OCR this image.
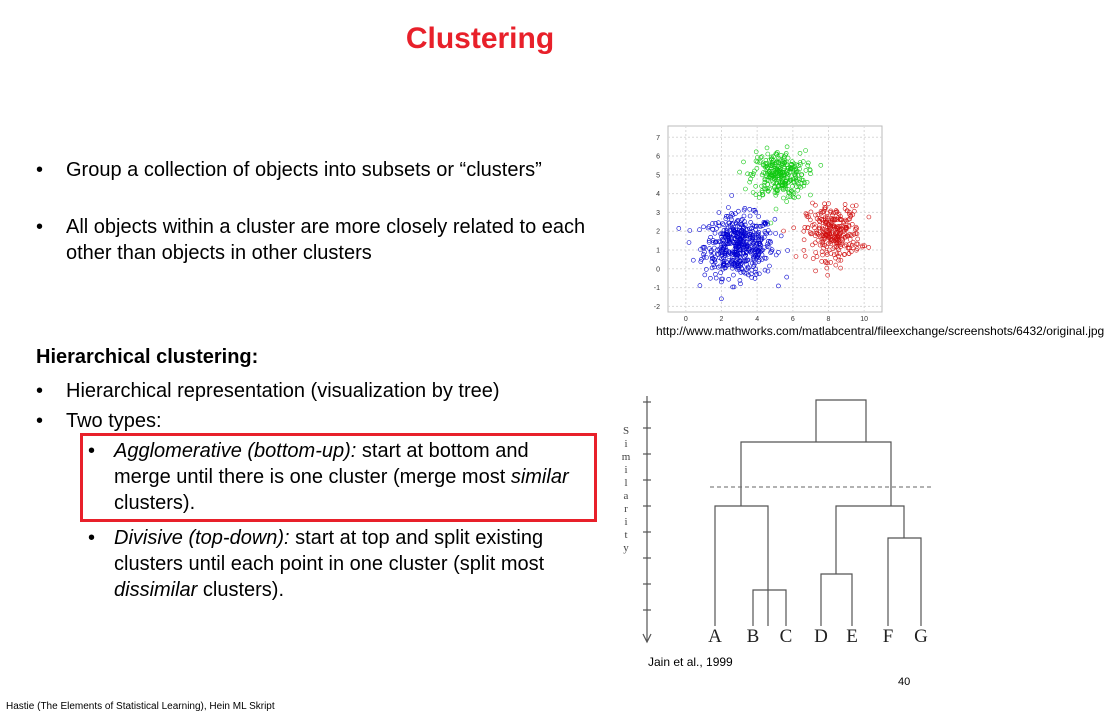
Clustering
• Group a collection of objects into subsets or “clusters”
• All objects within a cluster are more closely related to each other than objects in other clusters
Hierarchical clustering:
• Hierarchical representation (visualization by tree)
• Two types:
• Agglomerative (bottom-up): start at bottom and merge until there is one cluster (merge most similar clusters).
• Divisive (top-down): start at top and split existing clusters until each point in one cluster (split most dissimilar clusters).
0	2	4	6	8	10
7
6
5
4
3
2
1
0
-1
-2
http://www.mathworks.com/matlabcentral/fileexchange/screenshots/6432/original.jpg
S
i
m
i
l
a
r
i
t
y
A B C D E F G
Jain et al., 1999
40
Hastie (The Elements of Statistical Learning), Hein ML Skript
